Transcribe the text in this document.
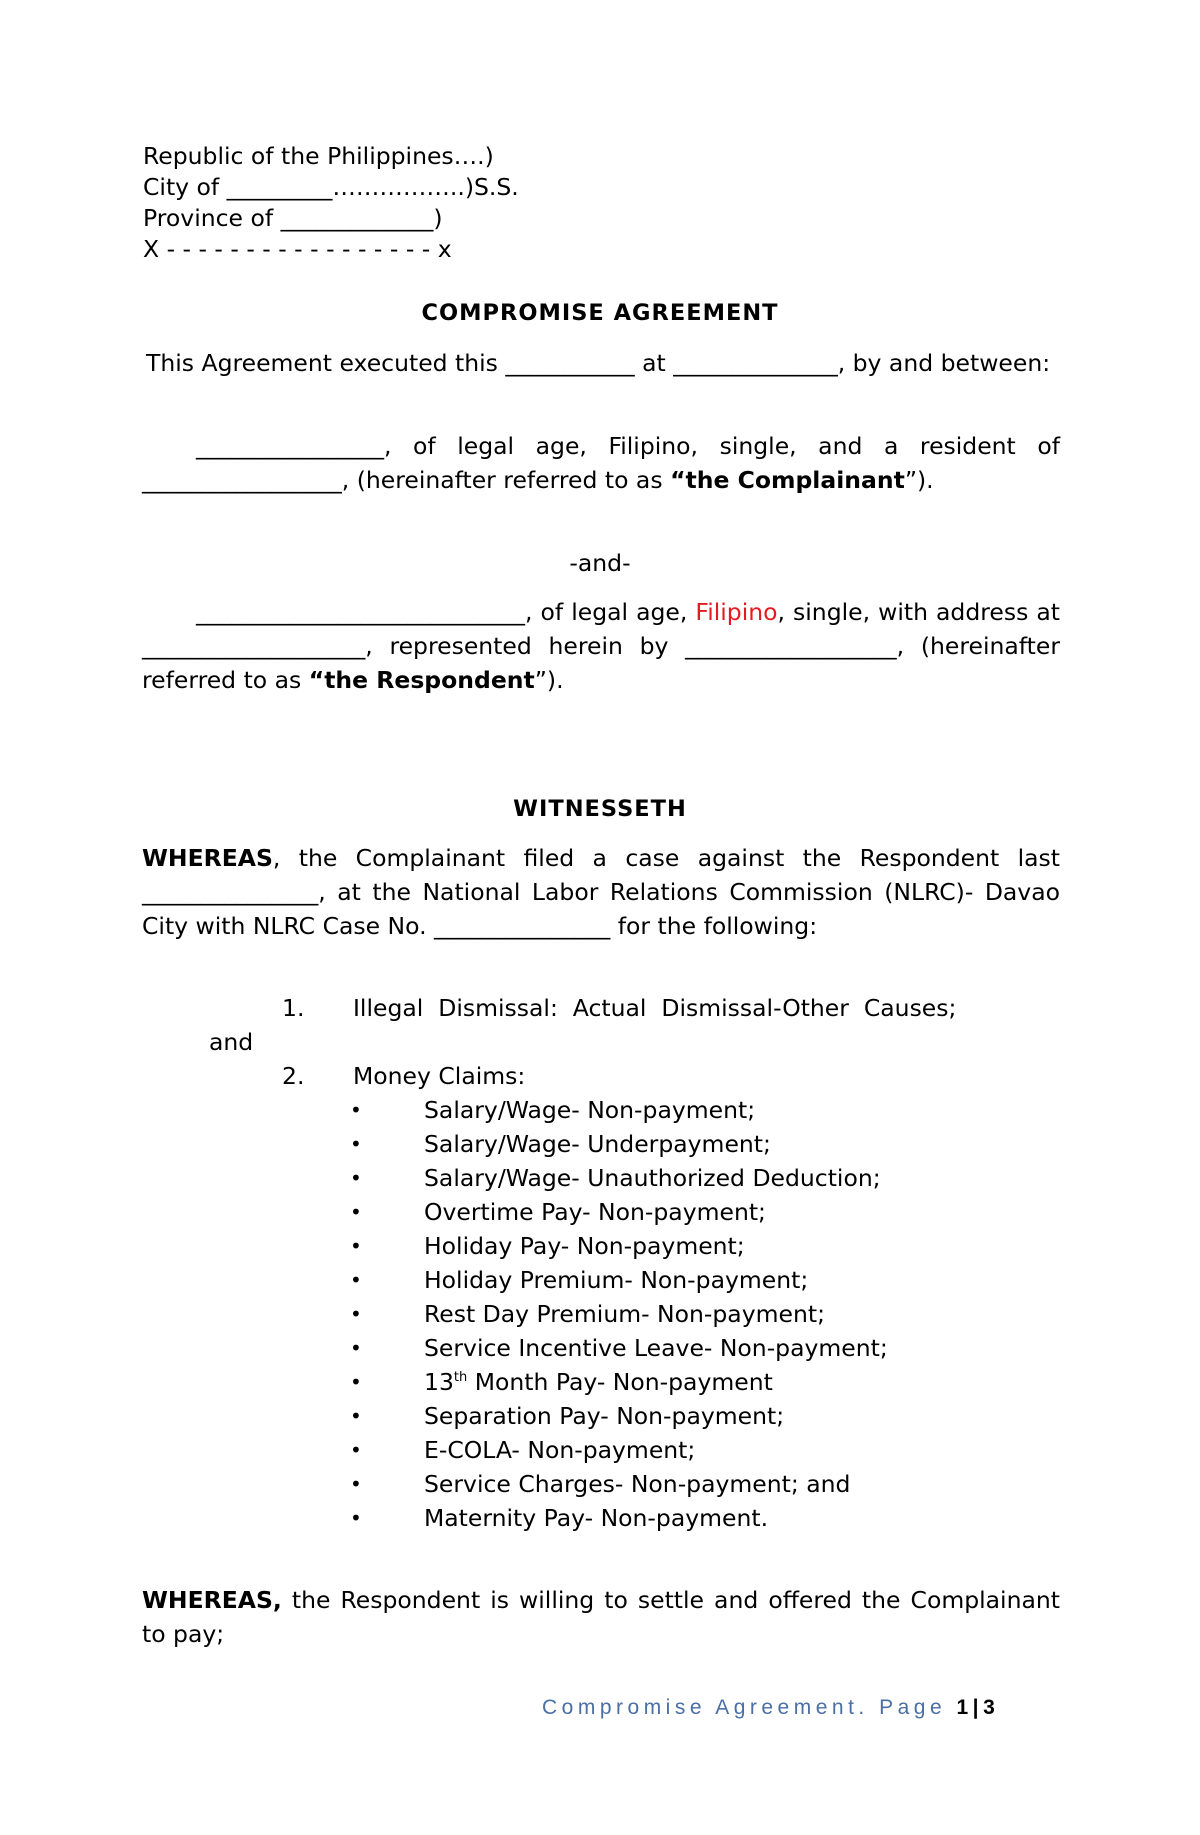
Republic of the Philippines….)
City of _________……………..)S.S.
Province of _____________)
X - - - - - - - - - - - - - - - - - x
COMPROMISE AGREEMENT
This Agreement executed this ___________ at ______________, by and between:
________________, of legal age, Filipino, single, and a resident of _________________, (hereinafter referred to as “the Complainant”).
-and-
____________________________, of legal age, Filipino, single, with address at ___________________, represented herein by __________________, (hereinafter referred to as “the Respondent”).
WITNESSETH
WHEREAS, the Complainant filed a case against the Respondent last _______________, at the National Labor Relations Commission (NLRC)- Davao City with NLRC Case No. _______________ for the following:
1. Illegal  Dismissal:  Actual  Dismissal-Other  Causes;
and
2. Money Claims:
•	Salary/Wage- Non-payment;
•	Salary/Wage- Underpayment;
•	Salary/Wage- Unauthorized Deduction;
•	Overtime Pay- Non-payment;
•	Holiday Pay- Non-payment;
•	Holiday Premium- Non-payment;
•	Rest Day Premium- Non-payment;
•	Service Incentive Leave- Non-payment;
•	13th Month Pay- Non-payment
•	Separation Pay- Non-payment;
•	E-COLA- Non-payment;
•	Service Charges- Non-payment; and
•	Maternity Pay- Non-payment.
WHEREAS, the Respondent is willing to settle and offered the Complainant to pay;
Compromise Agreement. Page 1|3
